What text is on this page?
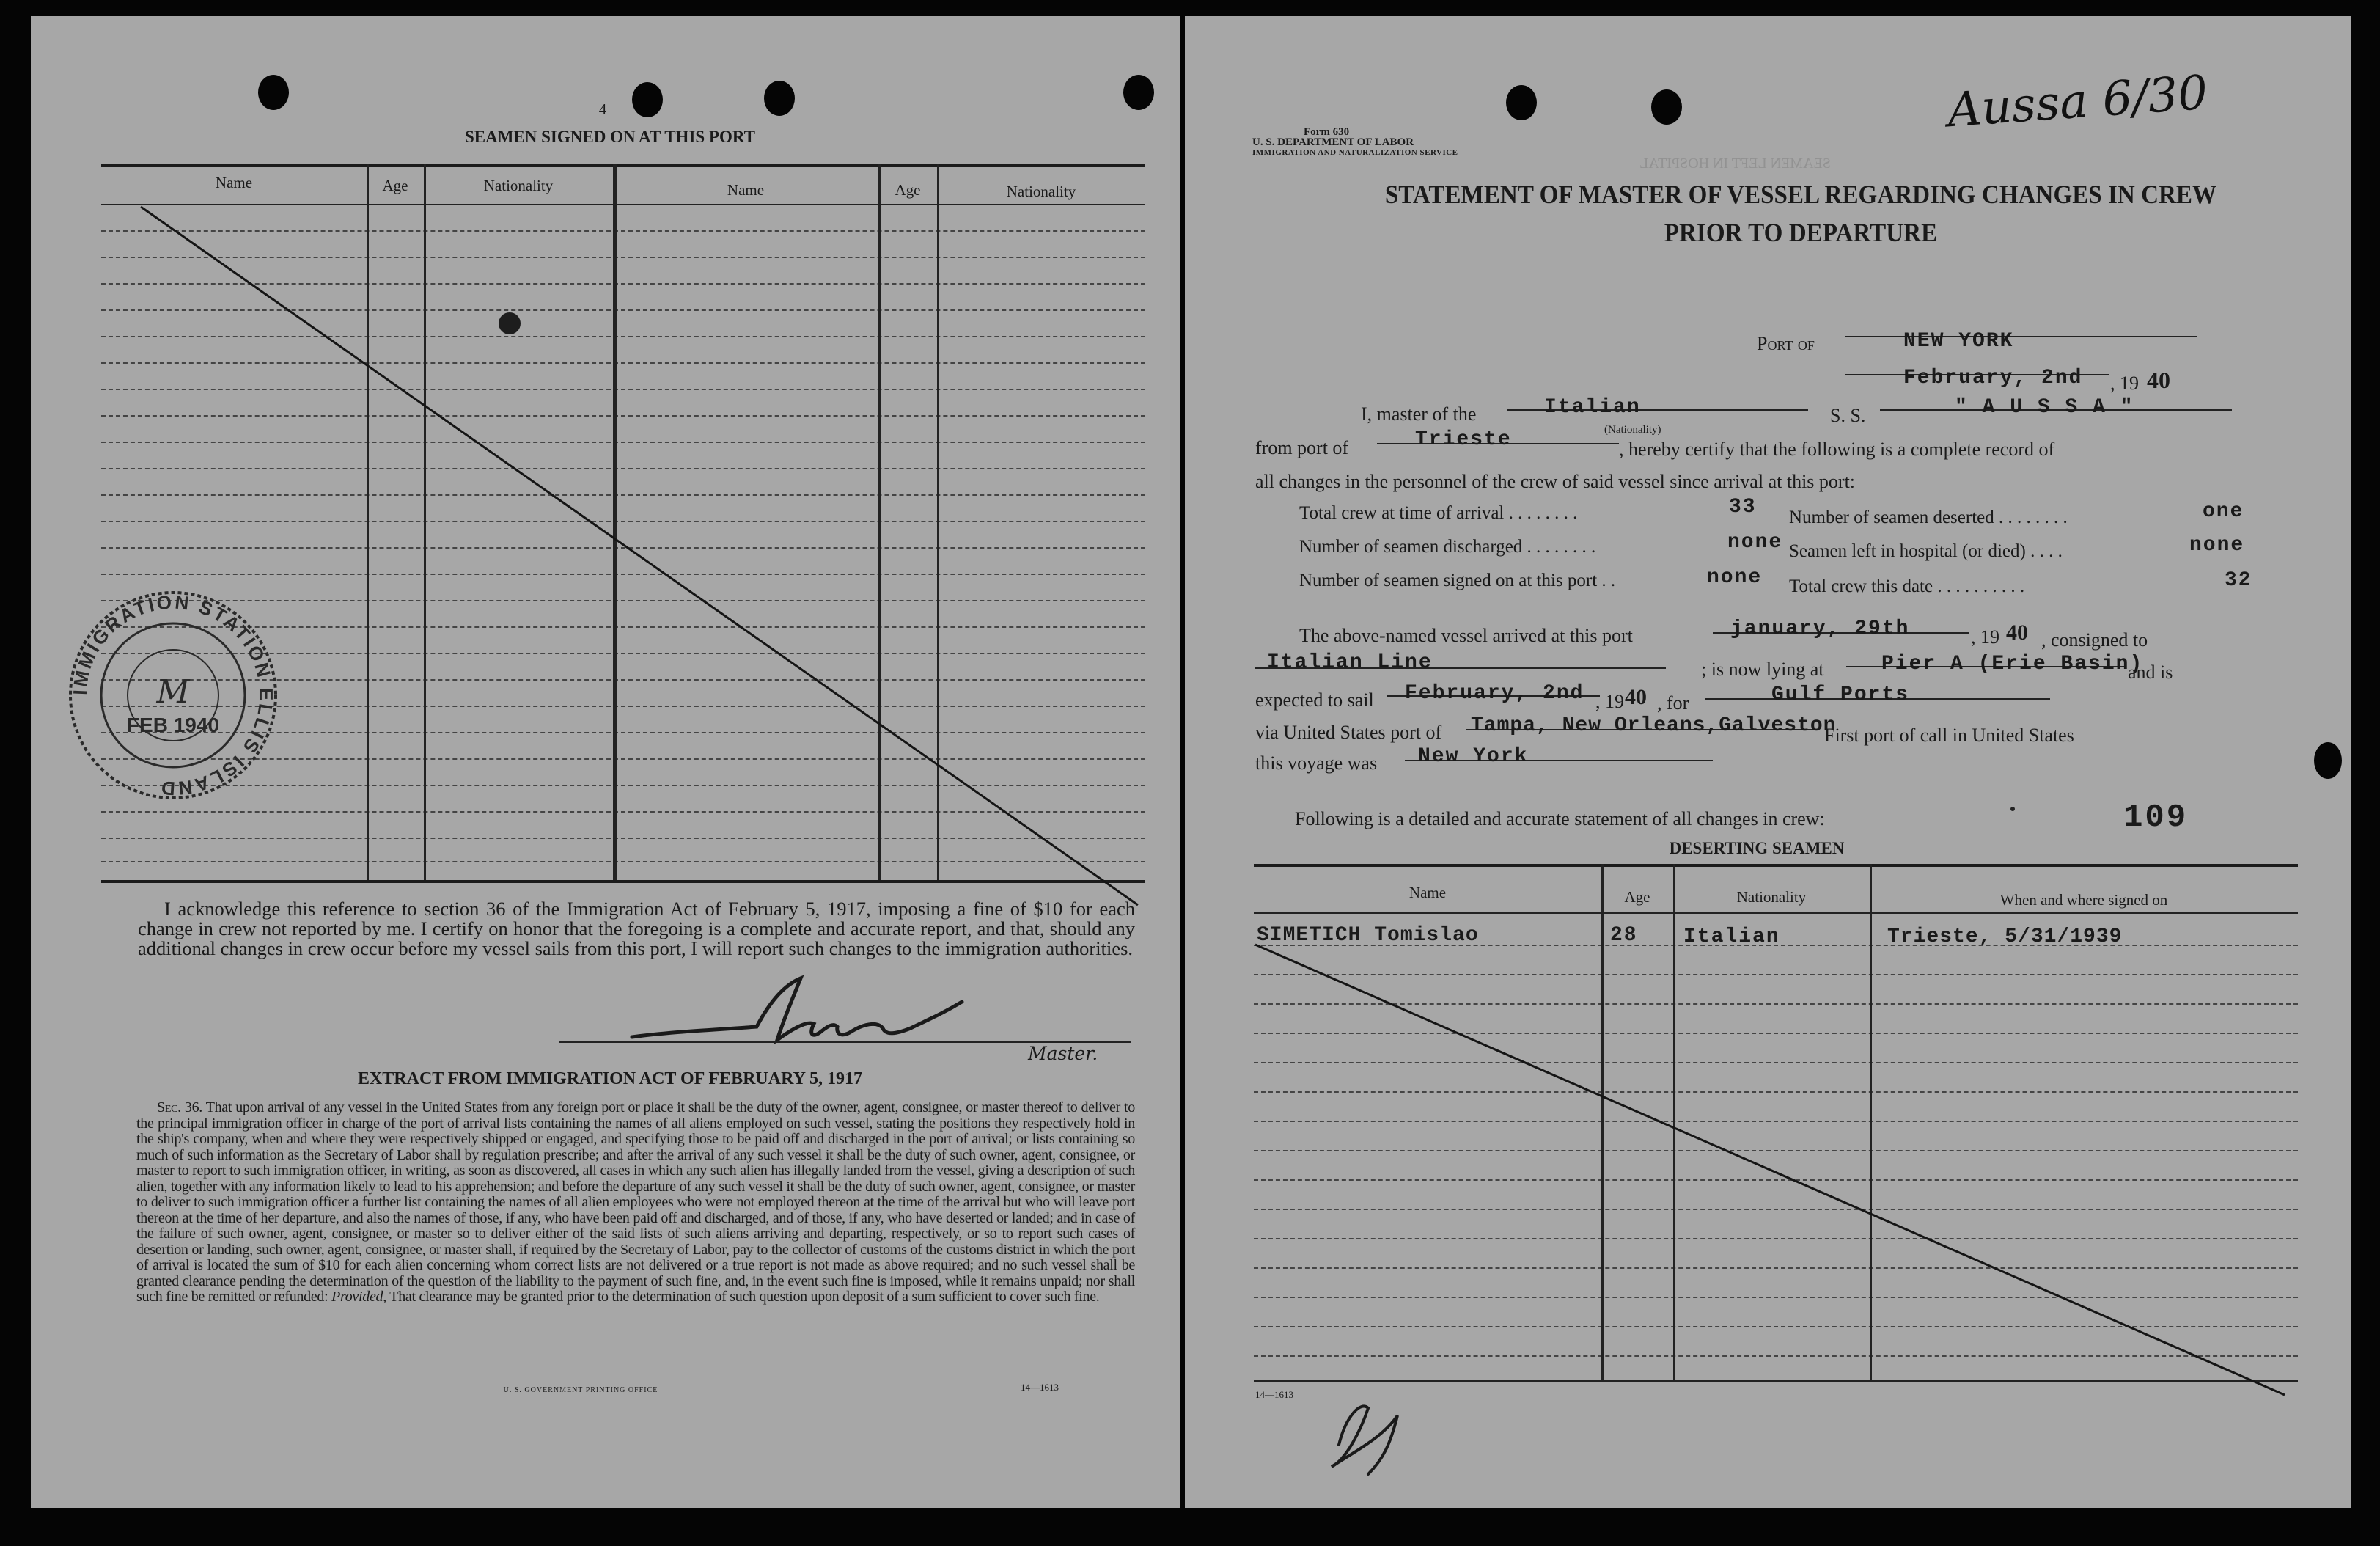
4
SEAMEN SIGNED ON AT THIS PORT
Name	Age	Nationality	Name	Age	Nationality
IMMIGRATION STATION ELLIS ISLAND
FEB 1940
M
I acknowledge this reference to section 36 of the Immigration Act of February 5, 1917, imposing a fine of $10 for each change in crew not reported by me. I certify on honor that the foregoing is a complete and accurate report, and that, should any additional changes in crew occur before my vessel sails from this port, I will report such changes to the immigration authorities.
Master.
EXTRACT FROM IMMIGRATION ACT OF FEBRUARY 5, 1917
Sec. 36. That upon arrival of any vessel in the United States from any foreign port or place it shall be the duty of the owner, agent, consignee, or master thereof to deliver to the principal immigration officer in charge of the port of arrival lists containing the names of all aliens employed on such vessel, stating the positions they respectively hold in the ship's company, when and where they were respectively shipped or engaged, and specifying those to be paid off and discharged in the port of arrival; or lists containing so much of such information as the Secretary of Labor shall by regulation prescribe; and after the arrival of any such vessel it shall be the duty of such owner, agent, consignee, or master to report to such immigration officer, in writing, as soon as discovered, all cases in which any such alien has illegally landed from the vessel, giving a description of such alien, together with any information likely to lead to his apprehension; and before the departure of any such vessel it shall be the duty of such owner, agent, consignee, or master to deliver to such immigration officer a further list containing the names of all alien employees who were not employed thereon at the time of the arrival but who will leave port thereon at the time of her departure, and also the names of those, if any, who have been paid off and discharged, and of those, if any, who have deserted or landed; and in case of the failure of such owner, agent, consignee, or master so to deliver either of the said lists of such aliens arriving and departing, respectively, or so to report such cases of desertion or landing, such owner, agent, consignee, or master shall, if required by the Secretary of Labor, pay to the collector of customs of the customs district in which the port of arrival is located the sum of $10 for each alien concerning whom correct lists are not delivered or a true report is not made as above required; and no such vessel shall be granted clearance pending the determination of the question of the liability to the payment of such fine, and, in the event such fine is imposed, while it remains unpaid; nor shall such fine be remitted or refunded: Provided, That clearance may be granted prior to the determination of such question upon deposit of a sum sufficient to cover such fine.
U. S. GOVERNMENT PRINTING OFFICE	14—1613
SEAMEN LEFT IN HOSPITAL
Form 630
U. S. DEPARTMENT OF LABOR
IMMIGRATION AND NATURALIZATION SERVICE
Aussa 6/30
STATEMENT OF MASTER OF VESSEL REGARDING CHANGES IN CREW
PRIOR TO DEPARTURE
Port of	NEW YORK
February, 2nd , 19 40
I, master of the	Italian
(Nationality)
S. S.	" A U S S A "
from port of	Trieste	, hereby certify that the following is a complete record of
all changes in the personnel of the crew of said vessel since arrival at this port:
Total crew at time of arrival . . . . . . . .	33 Number of seamen deserted . . . . . . . .	one
Number of seamen discharged . . . . . . . .	none Seamen left in hospital (or died) . . . .	none
Number of seamen signed on at this port . .	none Total crew this date . . . . . . . . . .	32
The above-named vessel arrived at this port	january, 29th	, 19 40 , consigned to
Italian Line	; is now lying at	Pier A (Erie Basin)
and is
expected to sail February, 2nd , 19 40 , for	Gulf Ports
via United States port of Tampa, New Orleans,Galveston
First port of call in United States
this voyage was New York
Following is a detailed and accurate statement of all changes in crew:	109
DESERTING SEAMEN
Name	Age	Nationality	When and where signed on
SIMETICH Tomislao	28 Italian	Trieste, 5/31/1939
14—1613
